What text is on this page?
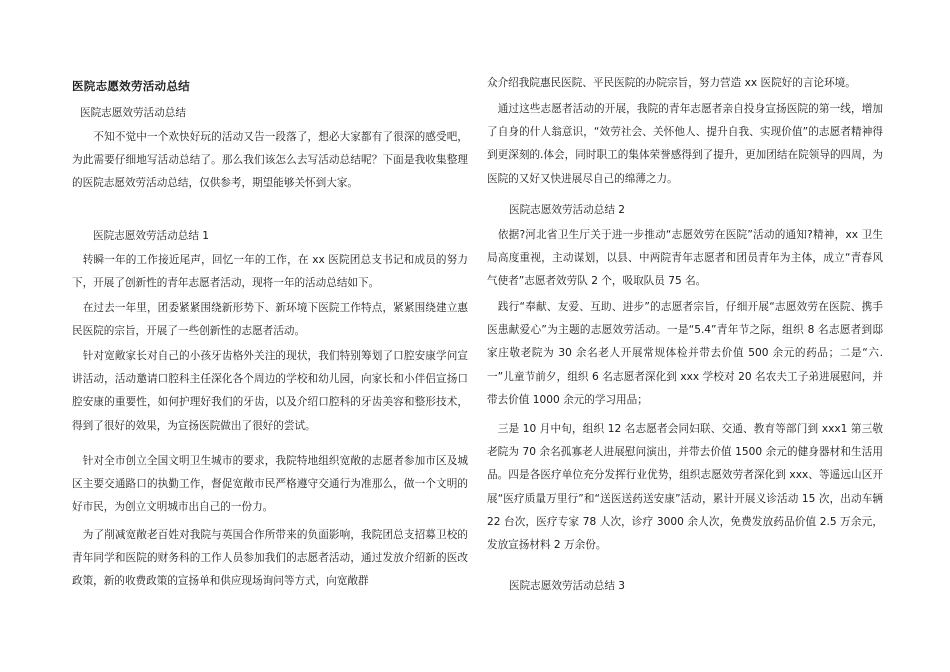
医院志愿效劳活动总结

医院志愿效劳活动总结

　　不知不觉中一个欢快好玩的活动又告一段落了，想必大家都有了很深的感受吧，为此需要仔细地写活动总结了。那么我们该怎么去写活动总结呢？下面是我收集整理的医院志愿效劳活动总结，仅供参考，期望能够关怀到大家。

医院志愿效劳活动总结 1

　转瞬一年的工作接近尾声，回忆一年的工作，在 xx 医院团总支书记和成员的努力下，开展了创新性的青年志愿者活动，现将一年的活动总结如下。

　在过去一年里，团委紧紧围绕新形势下、新环境下医院工作特点，紧紧围绕建立惠民医院的宗旨，开展了一些创新性的志愿者活动。

　针对宽敞家长对自己的小孩牙齿格外关注的现状，我们特别筹划了口腔安康学问宣讲活动，活动邀请口腔科主任深化各个周边的学校和幼儿园，向家长和小伴侣宣扬口腔安康的重要性，如何护理好我们的牙齿，以及介绍口腔科的牙齿美容和整形技术，得到了很好的效果，为宣扬医院做出了很好的尝试。

　针对全市创立全国文明卫生城市的要求，我院特地组织宽敞的志愿者参加市区及城区主要交通路口的执勤工作，督促宽敞市民严格遵守交通行为准那么，做一个文明的好市民，为创立文明城市出自己的一份力。

　为了削减宽敞老百姓对我院与英国合作所带来的负面影响，我院团总支招募卫校的青年同学和医院的财务科的工作人员参加我们的志愿者活动，通过发放介绍新的医改政策，新的收费政策的宣扬单和供应现场询问等方式，向宽敞群

众介绍我院惠民医院、平民医院的办院宗旨，努力营造 xx 医院好的言论环境。

　通过这些志愿者活动的开展，我院的青年志愿者亲自投身宣扬医院的第一线，增加了自身的什人翁意识，“效劳社会、关怀他人、提升自我、实现价值”的志愿者精神得到更深刻的.体会，同时职工的集体荣誉感得到了提升，更加团结在院领导的四周，为医院的又好又快进展尽自己的绵薄之力。

医院志愿效劳活动总结 2

　依据?河北省卫生厅关于进一步推动“志愿效劳在医院”活动的通知?精神，xx 卫生局高度重视，主动谋划，以县、中两院青年志愿者和团员青年为主体，成立“青春风气使者”志愿者效劳队 2 个，吸取队员 75 名。

　践行“奉献、友爱、互助、进步”的志愿者宗旨，仔细开展“志愿效劳在医院、携手医患献爱心”为主题的志愿效劳活动。一是“5.4”青年节之际，组织 8 名志愿者到邸家庄敬老院为 30 余名老人开展常规体检并带去价值 500 余元的药品；二是“六.一”儿童节前夕，组织 6 名志愿者深化到 xxx 学校对 20 名农夫工子弟进展慰问，并带去价值 1000 余元的学习用品；

　三是 10 月中旬，组织 12 名志愿者会同妇联、交通、教育等部门到 xxx1 第三敬老院为 70 余名孤寡老人进展慰问演出，并带去价值 1500 余元的健身器材和生活用品。四是各医疗单位充分发挥行业优势，组织志愿效劳者深化到 xxx、等遥远山区开展“医疗质量万里行”和“送医送药送安康”活动，累计开展义诊活动 15 次，出动车辆 22 台次，医疗专家 78 人次，诊疗 3000 余人次，免费发放药品价值 2.5 万余元，发放宣扬材料 2 万余份。

医院志愿效劳活动总结 3
